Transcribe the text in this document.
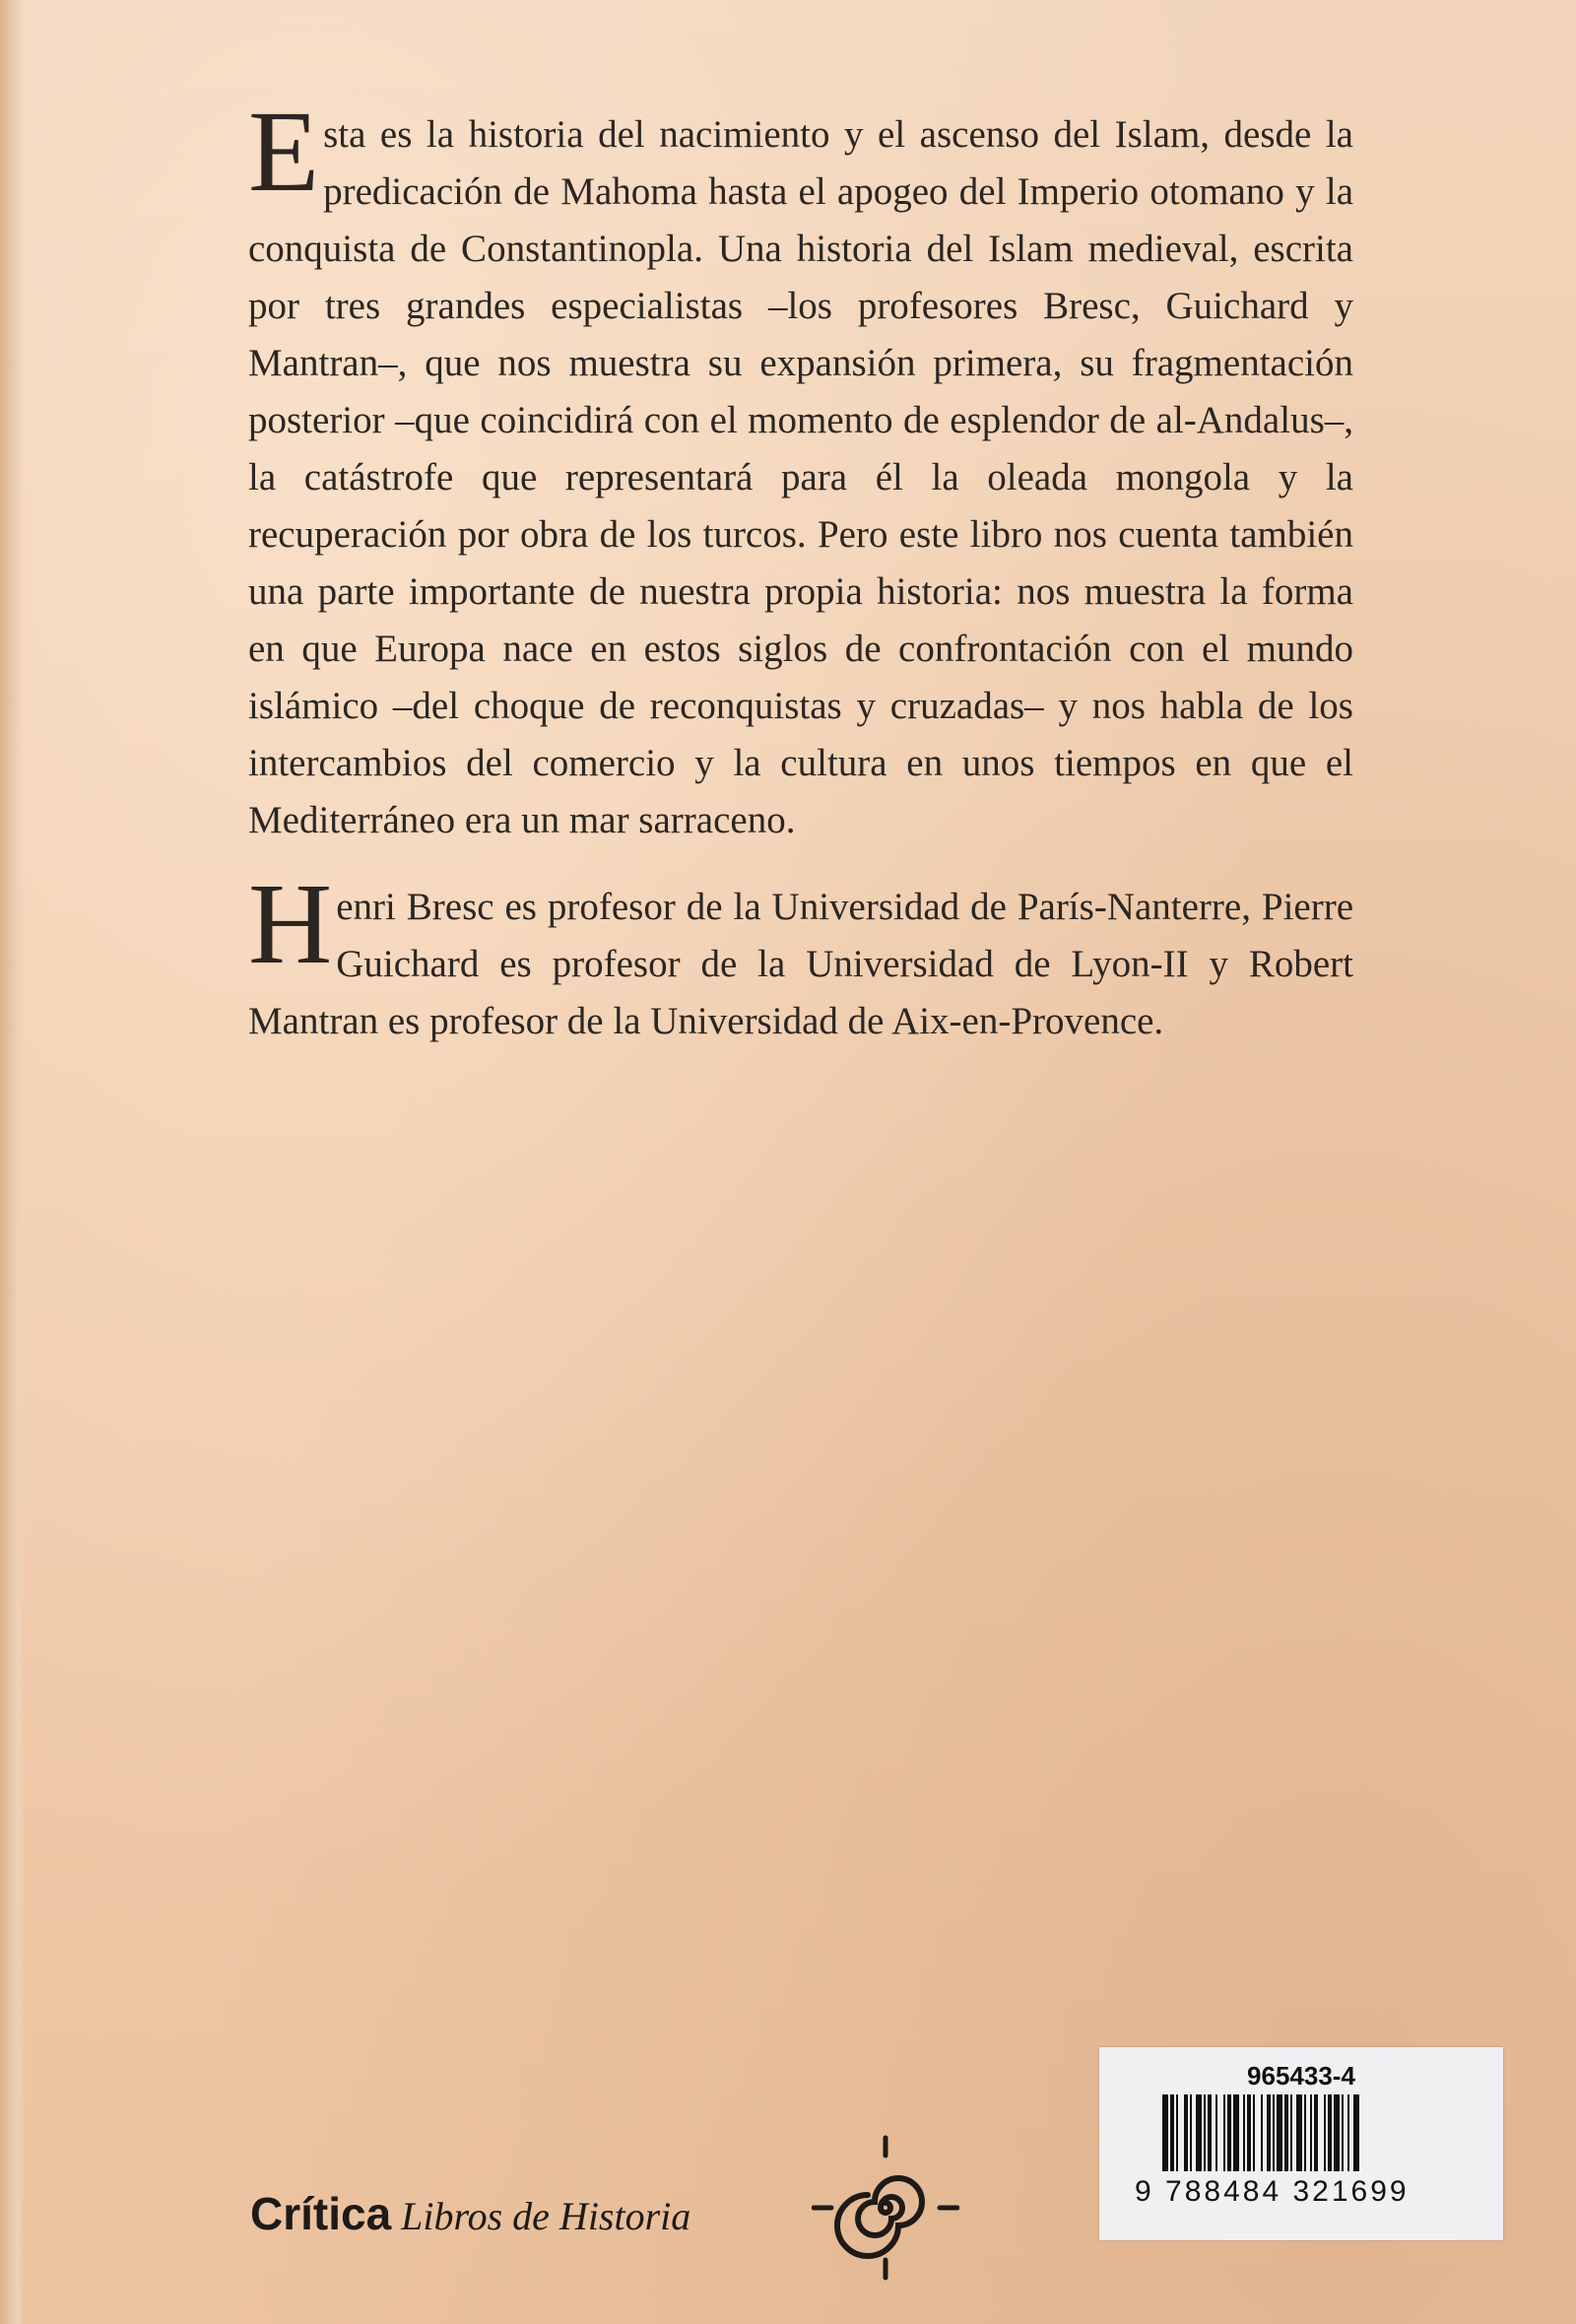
Esta es la historia del nacimiento y el ascenso del Islam, desde la predicación de Mahoma hasta el apogeo del Imperio otomano y la conquista de Constantinopla. Una historia del Islam medieval, escrita por tres grandes especialistas –los profesores Bresc, Guichard y Mantran–, que nos muestra su expansión primera, su fragmentación posterior –que coincidirá con el momento de esplendor de al-Andalus–, la catástrofe que representará para él la oleada mongola y la recuperación por obra de los turcos. Pero este libro nos cuenta también una parte importante de nuestra propia historia: nos muestra la forma en que Europa nace en estos siglos de confrontación con el mundo islámico –del choque de reconquistas y cruzadas– y nos habla de los intercambios del comercio y la cultura en unos tiempos en que el Mediterráneo era un mar sarraceno.

Henri Bresc es profesor de la Universidad de París-Nanterre, Pierre Guichard es profesor de la Universidad de Lyon-II y Robert Mantran es profesor de la Universidad de Aix-en-Provence.

Crítica Libros de Historia
965433-4
9 788484 321699
